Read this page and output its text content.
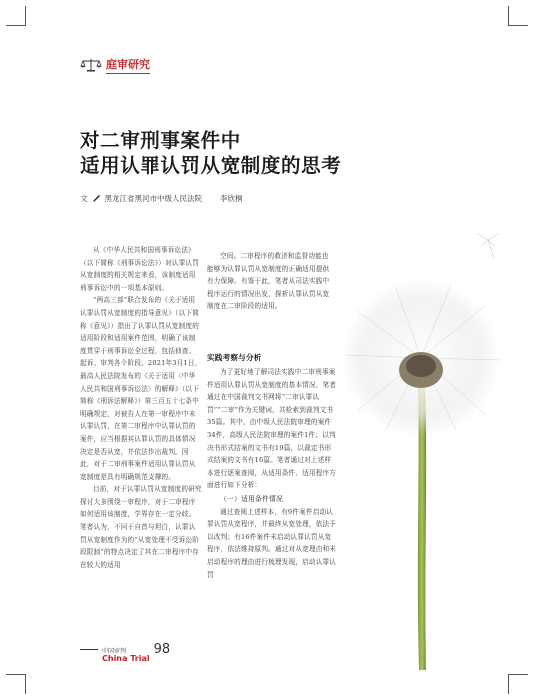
庭审研究
对二审刑事案件中
适用认罪认罚从宽制度的思考
文 黑龙江省黑河市中级人民法院 李欣桐

从《中华人民共和国刑事诉讼法》（以下简称《刑事诉讼法》）对认罪认罚从宽制度的相关规定来看，该制度适用刑事诉讼中的一项基本原则。

“两高三部”联合发布的《关于适用认罪认罚从宽制度的指导意见》（以下简称《意见》）指出了认罪认罚从宽制度的适用阶段和适用案件范围，明确了该制度贯穿于刑事诉讼全过程，包括侦查、起诉、审判各个阶段。2021年3月1日，最高人民法院发布的《关于适用〈中华人民共和国刑事诉讼法〉的解释》（以下简称《刑诉法解释》）第三百五十七条中明确规定，对被告人在第一审程序中未认罪认罚，在第二审程序中认罪认罚的案件，应当根据其认罪认罚的具体情况决定是否从宽，并依法作出裁判。因此，对于二审刑事案件适用认罪认罚从宽制度是具有明确规范支撑的。

目前，对于认罪认罚从宽制度的研究探讨大多围绕一审程序，对于二审程序如何适用该制度，学界存在一定分歧。笔者认为，不问于自首与坦白，认罪认罚从宽制度作为的“从宽处理不受诉讼阶段限制”的特点决定了其在二审程序中存在较大的适用

空间。二审程序的救济和监督功能也能够为认罪认罚从宽制度的正确适用提供有力保障。有鉴于此，笔者从司法实践中程序运行的情况出发，探析认罪认罚从宽制度在二审阶段的适用。

实践考察与分析

为了更好地了解司法实践中二审刑事案件适用认罪认罚从宽制度的基本情况，笔者通过在中国裁判文书网将“二审认罪认罚”“二审”作为关键词，共检索到裁判文书35篇。其中，由中级人民法院审理的案件34件，高级人民法院审理的案件1件；以判决书形式结案的文书有19篇，以裁定书形式结案的文书有16篇。笔者通过对上述样本进行逐案查阅，从适用条件、适用程序方面进行如下分析：

（一）适用条件情况

通过查阅上述样本，有9件案件启动认罪认罚从宽程序，并最终从宽处理，依法予以改判；有16件案件未启动认罪认罚从宽程序，依法维持原判。通过对从宽理由和未启动程序的理由进行梳理发现，启动认罪认罚

中国审判
China Trial
98
